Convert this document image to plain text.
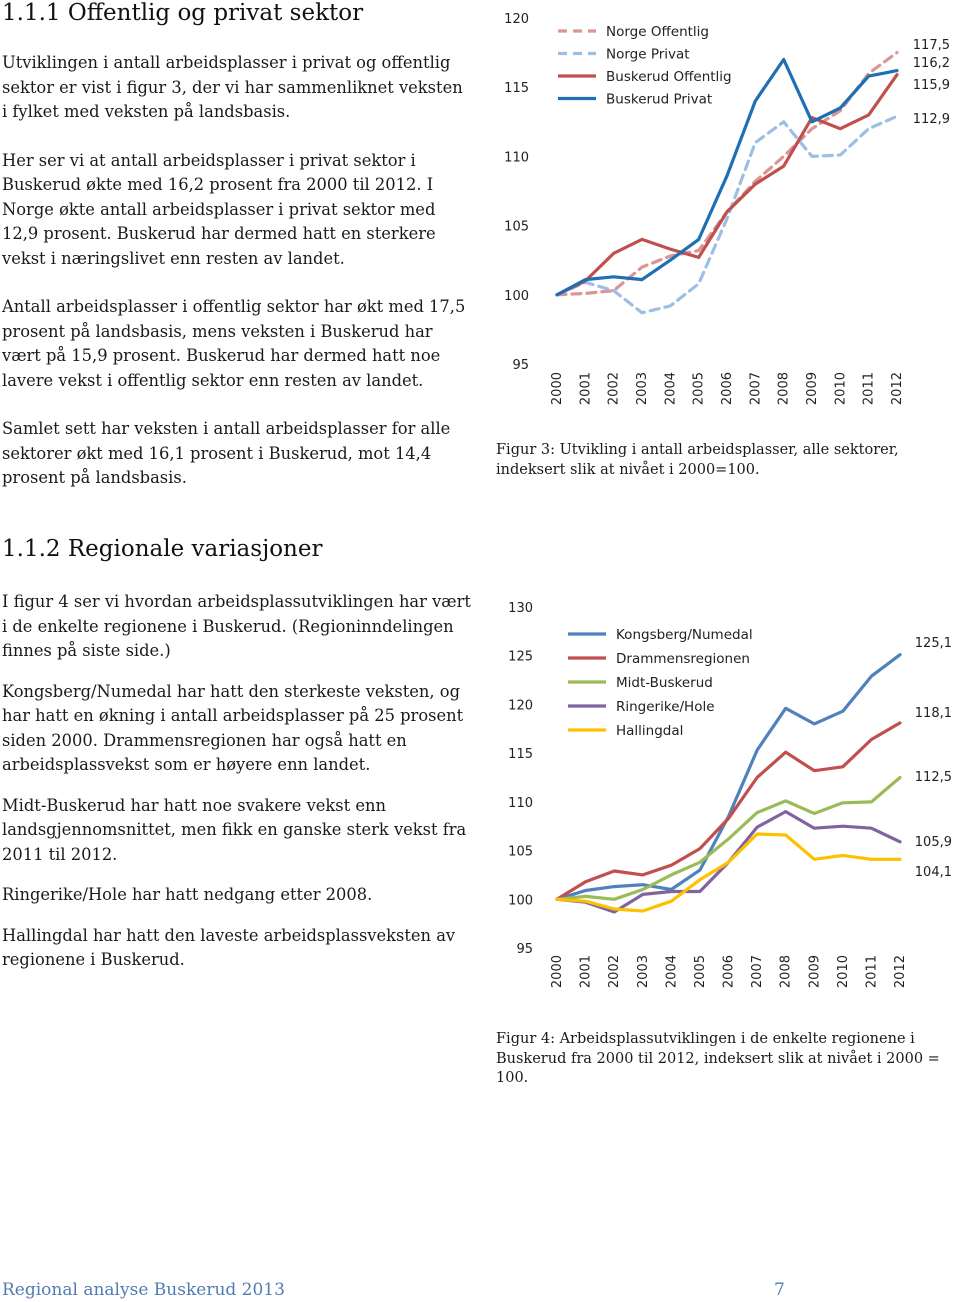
1.1.1 Offentlig og privat sektor

Utviklingen i antall arbeidsplasser i privat og offentlig sektor er vist i figur 3, der vi har sammenliknet veksten i fylket med veksten på landsbasis.

Her ser vi at antall arbeidsplasser i privat sektor i Buskerud økte med 16,2 prosent fra 2000 til 2012. I Norge økte antall arbeidsplasser i privat sektor med 12,9 prosent. Buskerud har dermed hatt en sterkere vekst i næringslivet enn resten av landet.

Antall arbeidsplasser i offentlig sektor har økt med 17,5 prosent på landsbasis, mens veksten i Buskerud har vært på 15,9 prosent. Buskerud har dermed hatt noe lavere vekst i offentlig sektor enn resten av landet.

Samlet sett har veksten i antall arbeidsplasser for alle sektorer økt med 16,1 prosent i Buskerud, mot 14,4 prosent på landsbasis.

95
100
105
110
115
120
2000 2001 2002 2003 2004 2005 2006 2007 2008 2009 2010 2011 2012
Norge Offentlig
Norge Privat
Buskerud Offentlig
Buskerud Privat
117,5
116,2
115,9
112,9

Figur 3: Utvikling i antall arbeidsplasser, alle sektorer, indeksert slik at nivået i 2000=100.

1.1.2 Regionale variasjoner

I figur 4 ser vi hvordan arbeidsplassutviklingen har vært i de enkelte regionene i Buskerud. (Regioninndelingen finnes på siste side.)

Kongsberg/Numedal har hatt den sterkeste veksten, og har hatt en økning i antall arbeidsplasser på 25 prosent siden 2000. Drammensregionen har også hatt en arbeidsplassvekst som er høyere enn landet.

Midt-Buskerud har hatt noe svakere vekst enn landsgjennomsnittet, men fikk en ganske sterk vekst fra 2011 til 2012.

Ringerike/Hole har hatt nedgang etter 2008.

Hallingdal har hatt den laveste arbeidsplassveksten av regionene i Buskerud.

95
100
105
110
115
120
125
130
2000 2001 2002 2003 2004 2005 2006 2007 2008 2009 2010 2011 2012
Kongsberg/Numedal
Drammensregionen
Midt-Buskerud
Ringerike/Hole
Hallingdal
125,1
118,1
112,5
105,9
104,1

Figur 4: Arbeidsplassutviklingen i de enkelte regionene i Buskerud fra 2000 til 2012, indeksert slik at nivået i 2000 = 100.

Regional analyse Buskerud 2013	7
